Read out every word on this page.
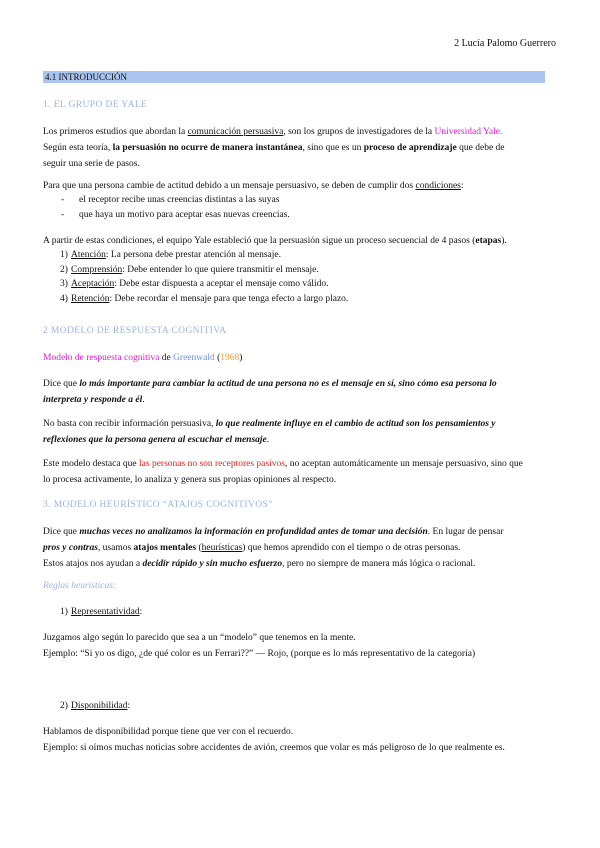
2 Lucía Palomo Guerrero
4.1 INTRODUCCIÓN
1. EL GRUPO DE YALE
Los primeros estudios que abordan la comunicación persuasiva, son los grupos de investigadores de la Universidad Yale.
Según esta teoría, la persuasión no ocurre de manera instantánea, sino que es un proceso de aprendizaje que debe de
seguir una serie de pasos.
Para que una persona cambie de actitud debido a un mensaje persuasivo, se deben de cumplir dos condiciones:
-	el receptor recibe unas creencias distintas a las suyas
-	que haya un motivo para aceptar esas nuevas creencias.
A partir de estas condiciones, el equipo Yale estableció que la persuasión sigue un proceso secuencial de 4 pasos (etapas).
1) Atención : La persona debe prestar atención al mensaje.
2) Comprensión : Debe entender lo que quiere transmitir el mensaje.
3) Aceptación : Debe estar dispuesta a aceptar el mensaje como válido.
4) Retención : Debe recordar el mensaje para que tenga efecto a largo plazo.
2 MODELO DE RESPUESTA COGNITIVA
Modelo de respuesta cognitiva de Greenwald (1968)
Dice que lo más importante para cambiar la actitud de una persona no es el mensaje en sí, sino cómo esa persona lo
interpreta y responde a él.
No basta con recibir información persuasiva, lo que realmente influye en el cambio de actitud son los pensamientos y
reflexiones que la persona genera al escuchar el mensaje.
Este modelo destaca que las personas no son receptores pasivos, no aceptan automáticamente un mensaje persuasivo, sino que
lo procesa activamente, lo analiza y genera sus propias opiniones al respecto.
3. MODELO HEURÍSTICO “ATAJOS COGNITIVOS”
Dice que muchas veces no analizamos la información en profundidad antes de tomar una decisión. En lugar de pensar
pros y contras, usamos atajos mentales (heurísticas) que hemos aprendido con el tiempo o de otras personas.
Estos atajos nos ayudan a decidir rápido y sin mucho esfuerzo, pero no siempre de manera más lógica o racional.
Reglas heurísticas:
1) Representatividad :
Juzgamos algo según lo parecido que sea a un “modelo” que tenemos en la mente.
Ejemplo: “Si yo os digo, ¿de qué color es un Ferrari??” — Rojo, (porque es lo más representativo de la categoría)
2) Disponibilidad :
Hablamos de disponibilidad porque tiene que ver con el recuerdo.
Ejemplo: si oímos muchas noticias sobre accidentes de avión, creemos que volar es más peligroso de lo que realmente es.
